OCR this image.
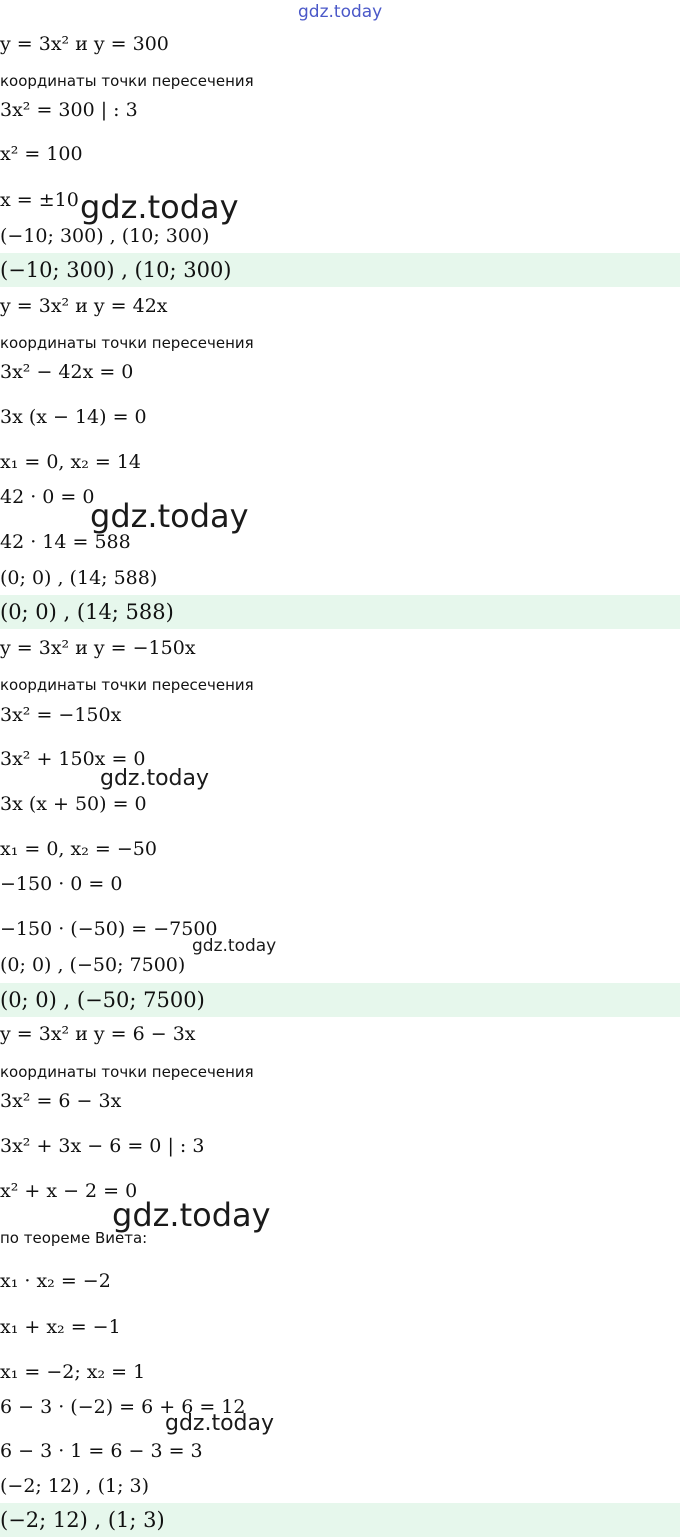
gdz.today
gdz.today
gdz.today
gdz.today
gdz.today
gdz.today
gdz.today
y = 3x² и y = 300
координаты точки пересечения
3x² = 300 | : 3
x² = 100
x = ±10
(−10; 300) , (10; 300)
(−10; 300) , (10; 300)
y = 3x² и y = 42x
координаты точки пересечения
3x² − 42x = 0
3x (x − 14) = 0
x₁ = 0, x₂ = 14
42 · 0 = 0
42 · 14 = 588
(0; 0) , (14; 588)
(0; 0) , (14; 588)
y = 3x² и y = −150x
координаты точки пересечения
3x² = −150x
3x² + 150x = 0
3x (x + 50) = 0
x₁ = 0, x₂ = −50
−150 · 0 = 0
−150 · (−50) = −7500
(0; 0) , (−50; 7500)
(0; 0) , (−50; 7500)
y = 3x² и y = 6 − 3x
координаты точки пересечения
3x² = 6 − 3x
3x² + 3x − 6 = 0 | : 3
x² + x − 2 = 0
по теореме Виета:
x₁ · x₂ = −2
x₁ + x₂ = −1
x₁ = −2; x₂ = 1
6 − 3 · (−2) = 6 + 6 = 12
6 − 3 · 1 = 6 − 3 = 3
(−2; 12) , (1; 3)
(−2; 12) , (1; 3)
